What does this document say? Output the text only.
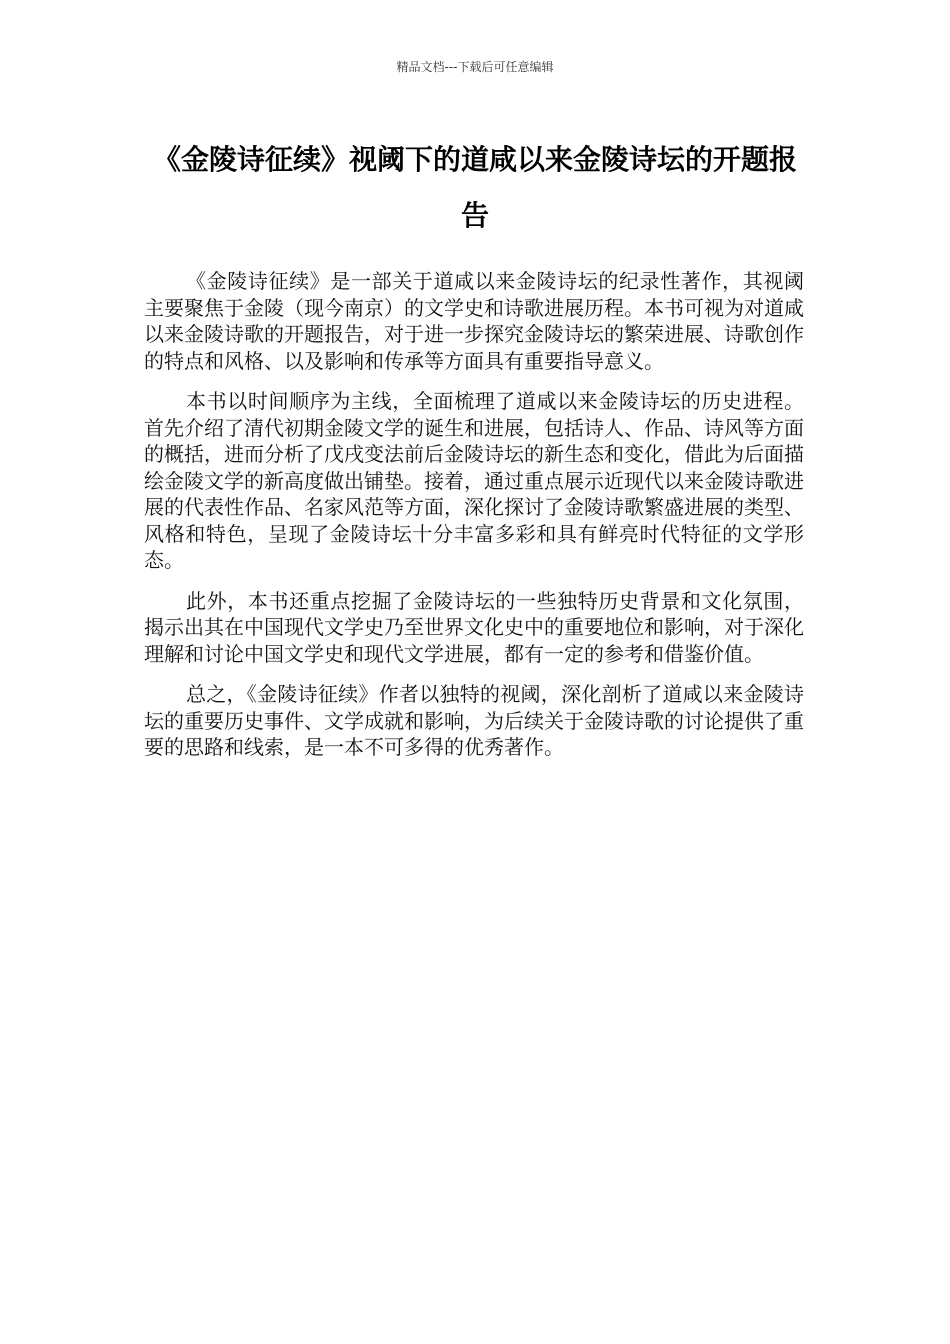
精品文档---下载后可任意编辑
《金陵诗征续》视阈下的道咸以来金陵诗坛的开题报告

《金陵诗征续》是一部关于道咸以来金陵诗坛的纪录性著作，其视阈主要聚焦于金陵（现今南京）的文学史和诗歌进展历程。本书可视为对道咸以来金陵诗歌的开题报告，对于进一步探究金陵诗坛的繁荣进展、诗歌创作的特点和风格、以及影响和传承等方面具有重要指导意义。

本书以时间顺序为主线，全面梳理了道咸以来金陵诗坛的历史进程。首先介绍了清代初期金陵文学的诞生和进展，包括诗人、作品、诗风等方面的概括，进而分析了戊戌变法前后金陵诗坛的新生态和变化，借此为后面描绘金陵文学的新高度做出铺垫。接着，通过重点展示近现代以来金陵诗歌进展的代表性作品、名家风范等方面，深化探讨了金陵诗歌繁盛进展的类型、风格和特色，呈现了金陵诗坛十分丰富多彩和具有鲜亮时代特征的文学形态。

此外，本书还重点挖掘了金陵诗坛的一些独特历史背景和文化氛围，揭示出其在中国现代文学史乃至世界文化史中的重要地位和影响，对于深化理解和讨论中国文学史和现代文学进展，都有一定的参考和借鉴价值。

总之，《金陵诗征续》作者以独特的视阈，深化剖析了道咸以来金陵诗坛的重要历史事件、文学成就和影响，为后续关于金陵诗歌的讨论提供了重要的思路和线索，是一本不可多得的优秀著作。
